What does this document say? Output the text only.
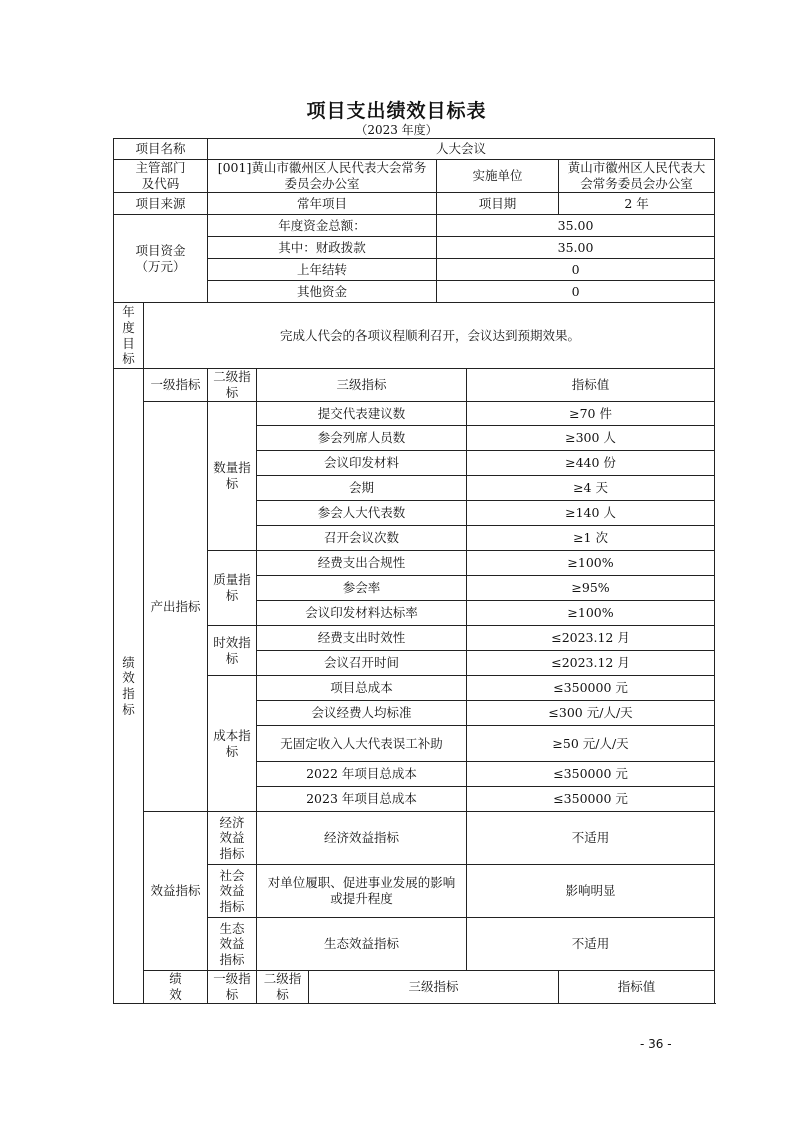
项目支出绩效目标表
（2023 年度）
项目名称		人大会议					
主管部门
及代码		[001]黄山市徽州区人民代表大会常务委员会办公室			实施单位		黄山市徽州区人民代表大会常务委员会办公室
项目来源		常年项目			项目期		2 年
项目资金
（万元）		年度资金总额：			35.00		
		其中：财政拨款			35.00		
		上年结转			0		
		其他资金			0		

年
度
目
标	完成人代会的各项议程顺利召开，会议达到预期效果。						

绩
效
指
标	一级指标	二级指标	三级指标			指标值	
	产出指标	数量指标	提交代表建议数			≥70 件	
			参会列席人员数			≥300 人	
			会议印发材料			≥440 份	
			会期			≥4 天	
			参会人大代表数			≥140 人	
			召开会议次数			≥1 次	
		质量指标	经费支出合规性			≥100%	
			参会率			≥95%	
			会议印发材料达标率			≥100%	
		时效指标	经费支出时效性			≤2023.12 月	
			会议召开时间			≤2023.12 月	
		成本指标	项目总成本			≤350000 元	
			会议经费人均标准			≤300 元/人/天	
			无固定收入人大代表误工补助			≥50 元/人/天	
			2022 年项目总成本			≤350000 元	
			2023 年项目总成本			≤350000 元	
	效益指标	经济效益指标	经济效益指标			不适用	
		社会效益指标	对单位履职、促进事业发展的影响或提升程度			影响明显	
		生态效益指标	生态效益指标			不适用	

	绩
效	一级指标	二级指标	三级指标			指标值
- 36 -
